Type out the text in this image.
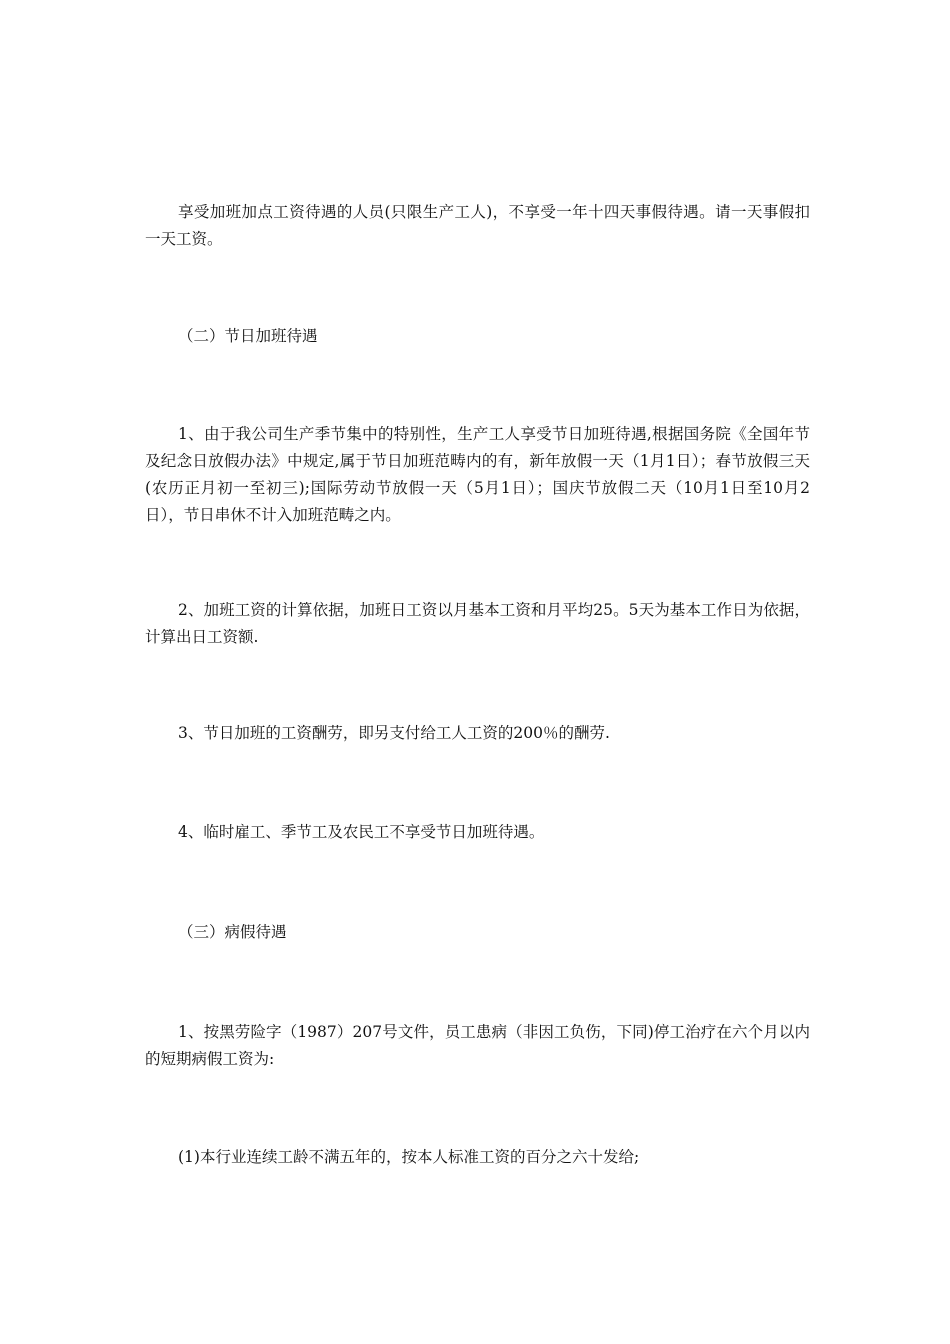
享受加班加点工资待遇的人员(只限生产工人)，不享受一年十四天事假待遇。请一天事假扣一天工资。

（二）节日加班待遇

1、由于我公司生产季节集中的特别性，生产工人享受节日加班待遇,根据国务院《全国年节及纪念日放假办法》中规定,属于节日加班范畴内的有，新年放假一天（1月1日）；春节放假三天(农历正月初一至初三);国际劳动节放假一天（5月1日）；国庆节放假二天（10月1日至10月2日），节日串休不计入加班范畴之内。

2、加班工资的计算依据，加班日工资以月基本工资和月平均25。5天为基本工作日为依据，计算出日工资额.

3、节日加班的工资酬劳，即另支付给工人工资的200％的酬劳.

4、临时雇工、季节工及农民工不享受节日加班待遇。

（三）病假待遇

1、按黑劳险字（1987）207号文件，员工患病（非因工负伤，下同)停工治疗在六个月以内的短期病假工资为:

(1)本行业连续工龄不满五年的，按本人标准工资的百分之六十发给;
